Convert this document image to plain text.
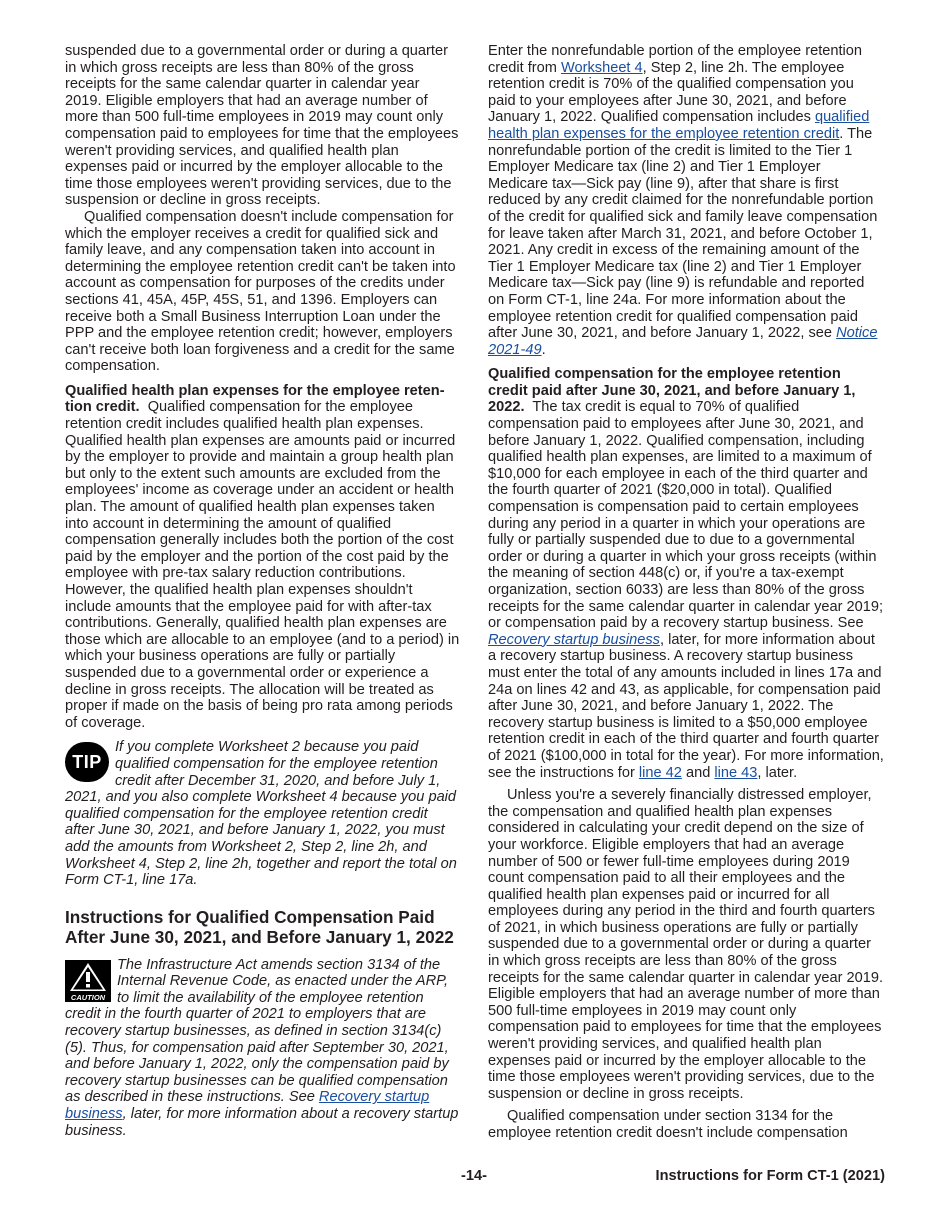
suspended due to a governmental order or during a quarter in which gross receipts are less than 80% of the gross receipts for the same calendar quarter in calendar year 2019. Eligible employers that had an average number of more than 500 full-time employees in 2019 may count only compensation paid to employees for time that the employees weren't providing services, and qualified health plan expenses paid or incurred by the employer allocable to the time those employees weren't providing services, due to the suspension or decline in gross receipts.

Qualified compensation doesn't include compensation for which the employer receives a credit for qualified sick and family leave, and any compensation taken into account in determining the employee retention credit can't be taken into account as compensation for purposes of the credits under sections 41, 45A, 45P, 45S, 51, and 1396. Employers can receive both a Small Business Interruption Loan under the PPP and the employee retention credit; however, employers can't receive both loan forgiveness and a credit for the same compensation.

Qualified health plan expenses for the employee retention credit. Qualified compensation for the employee retention credit includes qualified health plan expenses. Qualified health plan expenses are amounts paid or incurred by the employer to provide and maintain a group health plan but only to the extent such amounts are excluded from the employees' income as coverage under an accident or health plan. The amount of qualified health plan expenses taken into account in determining the amount of qualified compensation generally includes both the portion of the cost paid by the employer and the portion of the cost paid by the employee with pre-tax salary reduction contributions. However, the qualified health plan expenses shouldn't include amounts that the employee paid for with after-tax contributions. Generally, qualified health plan expenses are those which are allocable to an employee (and to a period) in which your business operations are fully or partially suspended due to a governmental order or experience a decline in gross receipts. The allocation will be treated as proper if made on the basis of being pro rata among periods of coverage.

TIP
If you complete Worksheet 2 because you paid qualified compensation for the employee retention credit after December 31, 2020, and before July 1, 2021, and you also complete Worksheet 4 because you paid qualified compensation for the employee retention credit after June 30, 2021, and before January 1, 2022, you must add the amounts from Worksheet 2, Step 2, line 2h, and Worksheet 4, Step 2, line 2h, together and report the total on Form CT-1, line 17a.
Instructions for Qualified Compensation Paid After June 30, 2021, and Before January 1, 2022
CAUTION
The Infrastructure Act amends section 3134 of the Internal Revenue Code, as enacted under the ARP, to limit the availability of the employee retention credit in the fourth quarter of 2021 to employers that are recovery startup businesses, as defined in section 3134(c) (5). Thus, for compensation paid after September 30, 2021, and before January 1, 2022, only the compensation paid by recovery startup businesses can be qualified compensation as described in these instructions. See Recovery startup business, later, for more information about a recovery startup business.

Enter the nonrefundable portion of the employee retention credit from Worksheet 4, Step 2, line 2h. The employee retention credit is 70% of the qualified compensation you paid to your employees after June 30, 2021, and before January 1, 2022. Qualified compensation includes qualified health plan expenses for the employee retention credit. The nonrefundable portion of the credit is limited to the Tier 1 Employer Medicare tax (line 2) and Tier 1 Employer Medicare tax—Sick pay (line 9), after that share is first reduced by any credit claimed for the nonrefundable portion of the credit for qualified sick and family leave compensation for leave taken after March 31, 2021, and before October 1, 2021. Any credit in excess of the remaining amount of the Tier 1 Employer Medicare tax (line 2) and Tier 1 Employer Medicare tax—Sick pay (line 9) is refundable and reported on Form CT-1, line 24a. For more information about the employee retention credit for qualified compensation paid after June 30, 2021, and before January 1, 2022, see Notice 2021-49.

Qualified compensation for the employee retention credit paid after June 30, 2021, and before January 1, 2022. The tax credit is equal to 70% of qualified compensation paid to employees after June 30, 2021, and before January 1, 2022. Qualified compensation, including qualified health plan expenses, are limited to a maximum of $10,000 for each employee in each of the third quarter and the fourth quarter of 2021 ($20,000 in total). Qualified compensation is compensation paid to certain employees during any period in a quarter in which your operations are fully or partially suspended due to due to a governmental order or during a quarter in which your gross receipts (within the meaning of section 448(c) or, if you're a tax-exempt organization, section 6033) are less than 80% of the gross receipts for the same calendar quarter in calendar year 2019; or compensation paid by a recovery startup business. See Recovery startup business, later, for more information about a recovery startup business. A recovery startup business must enter the total of any amounts included in lines 17a and 24a on lines 42 and 43, as applicable, for compensation paid after June 30, 2021, and before January 1, 2022. The recovery startup business is limited to a $50,000 employee retention credit in each of the third quarter and fourth quarter of 2021 ($100,000 in total for the year). For more information, see the instructions for line 42 and line 43, later.

Unless you're a severely financially distressed employer, the compensation and qualified health plan expenses considered in calculating your credit depend on the size of your workforce. Eligible employers that had an average number of 500 or fewer full-time employees during 2019 count compensation paid to all their employees and the qualified health plan expenses paid or incurred for all employees during any period in the third and fourth quarters of 2021, in which business operations are fully or partially suspended due to a governmental order or during a quarter in which gross receipts are less than 80% of the gross receipts for the same calendar quarter in calendar year 2019. Eligible employers that had an average number of more than 500 full-time employees in 2019 may count only compensation paid to employees for time that the employees weren't providing services, and qualified health plan expenses paid or incurred by the employer allocable to the time those employees weren't providing services, due to the suspension or decline in gross receipts.

Qualified compensation under section 3134 for the employee retention credit doesn't include compensation

-14-	Instructions for Form CT-1 (2021)
